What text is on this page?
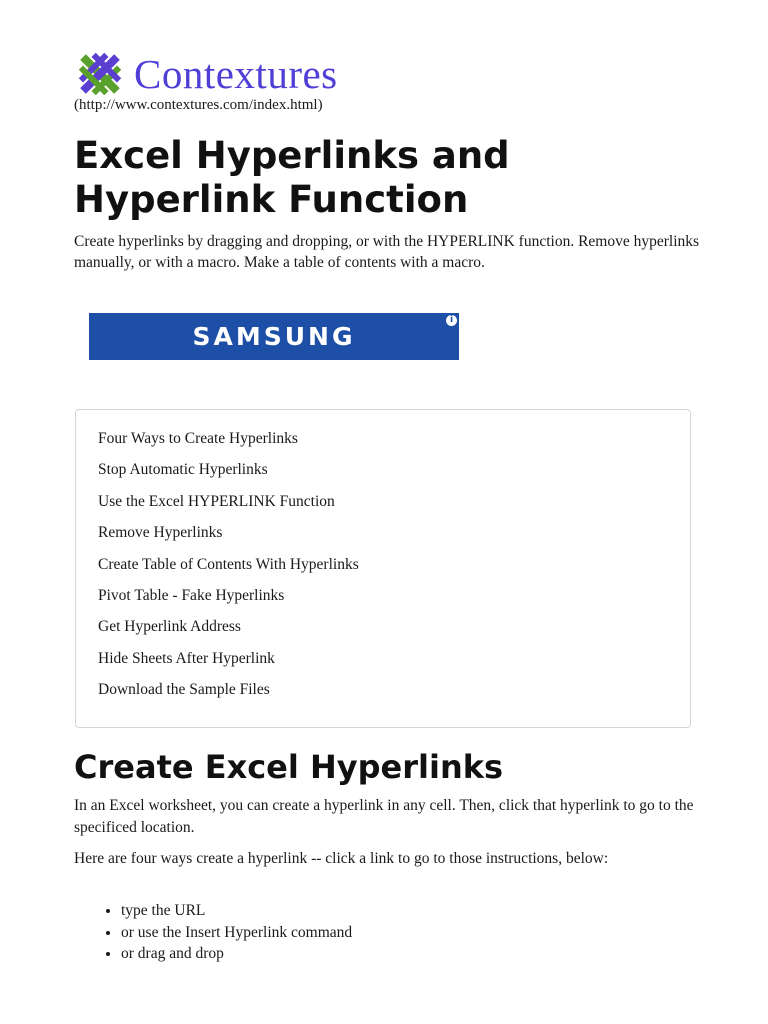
Contextures
(http://www.contextures.com/index.html)
Excel Hyperlinks and Hyperlink Function

Create hyperlinks by dragging and dropping, or with the HYPERLINK function. Remove hyperlinks manually, or with a macro. Make a table of contents with a macro.

SAMSUNG
i
Four Ways to Create Hyperlinks
Stop Automatic Hyperlinks
Use the Excel HYPERLINK Function
Remove Hyperlinks
Create Table of Contents With Hyperlinks
Pivot Table - Fake Hyperlinks
Get Hyperlink Address
Hide Sheets After Hyperlink
Download the Sample Files
Create Excel Hyperlinks

In an Excel worksheet, you can create a hyperlink in any cell. Then, click that hyperlink to go to the specificed location.

Here are four ways create a hyperlink -- click a link to go to those instructions, below:

• type the URL
• or use the Insert Hyperlink command
• or drag and drop
